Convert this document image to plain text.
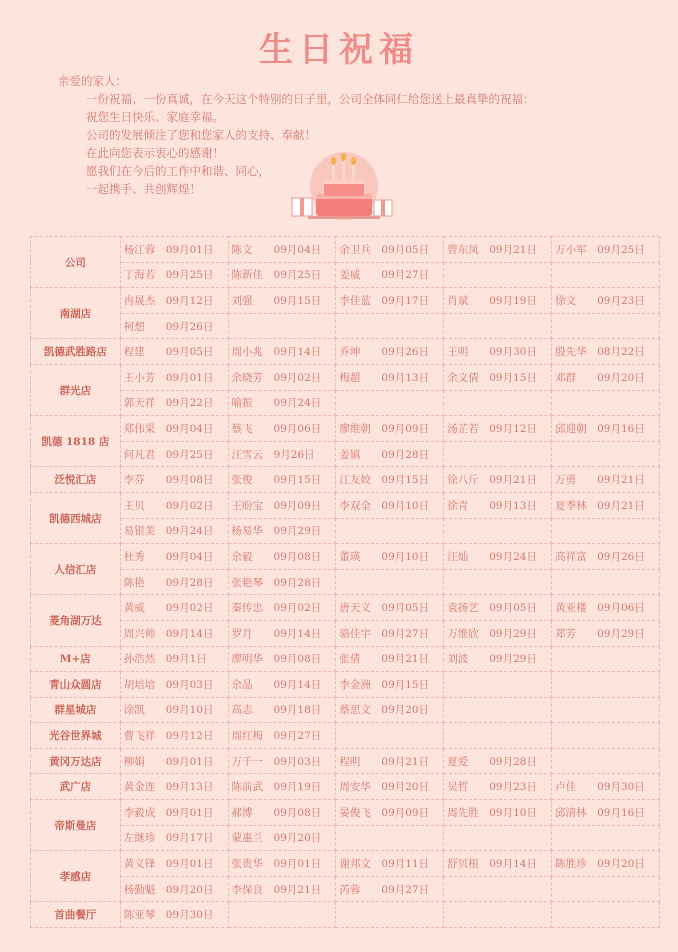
生日祝福
亲爱的家人：
一份祝福、一份真诚，在今天这个特别的日子里，公司全体同仁给您送上最真挚的祝福：
祝您生日快乐、家庭幸福。
公司的发展倾注了您和您家人的支持、奉献！
在此向您表示衷心的感谢！
愿我们在今后的工作中和谐、同心，
一起携手、共创辉煌！
公司	杨江蓉 09月01日	陈文 09月04日	余卫兵 09月05日	曾东凤 09月21日	万小军 09月25日
	丁海若 09月25日	陈新佳 09月25日	姜威 09月27日		
南湖店	冉晟杰 09月12日	刘强 09月15日	李佳蓝 09月17日	肖斌 09月19日	徐文 09月23日
	柯想 09月26日				
凯德武胜路店	程建 09月05日	周小兆 09月14日	乔坤 09月26日	王明 09月30日	殷先华 08月22日
群光店	王小芳 09月01日	余晓芳 09月02日	梅超 09月13日	余文倩 09月15日	邓群 09月20日
	郭天祥 09月22日	喻振 09月24日			
凯德 1818 店	郑伟果 09月04日	蔡飞 09月06日	廖维朝 09月09日	汤芷若 09月12日	邱迎朝 09月16日
	何凡君 09月25日	汪雪云 9月26日	姜镇 09月28日		
泛悦汇店	李芬 09月08日	张俊 09月15日	江友姣 09月15日	徐八斤 09月21日	万勇 09月21日
凯德西城店	王贝 09月02日	王盼宝 09月09日	李双全 09月10日	徐青 09月13日	夏季林 09月21日
	易银美 09月24日	杨易华 09月29日			
人信汇店	杜秀 09月04日	余毅 09月08日	董瑛 09月10日	汪灿 09月24日	高祥富 09月26日
	陈艳 09月28日	张艳琴 09月28日			
菱角湖万达	黄威 09月02日	秦传忠 09月02日	唐天义 09月05日	袁扬艺 09月05日	黄亚楼 09月06日
	周兴帅 09月14日	罗月 09月14日	骆佳宇 09月27日	万维欣 09月29日	郑芳 09月29日
M+店	孙浩然 09月1日	廖明华 09月08日	张倩 09月21日	刘波 09月29日	
青山众圆店	胡培培 09月03日	余晶 09月14日	李金洲 09月15日		
群星城店	涂凯 09月10日	高志 09月18日	蔡思文 09月20日		
光谷世界城	曹飞祥 09月12日	周红梅 09月27日			
黄冈万达店	柳娟 09月01日	万千一 09月03日	程明 09月21日	夏爱 09月28日	
武广店	黄金连 09月13日	陈前武 09月19日	周安华 09月20日	吴哲 09月23日	卢佳 09月30日
帝斯曼店	李毅成 09月01日	郝博 09月08日	晏俊飞 09月09日	周先胜 09月10日	邱清林 09月16日
	左继珍 09月17日	蒙惠兰 09月20日			
孝感店	黄义锋 09月01日	张贵华 09月01日	谢邦文 09月11日	舒贝根 09月14日	陈胜珍 09月20日
	杨勤魁 09月20日	李保良 09月21日	芮蓉 09月27日		
首曲餐厅	陈亚琴 09月30日				
